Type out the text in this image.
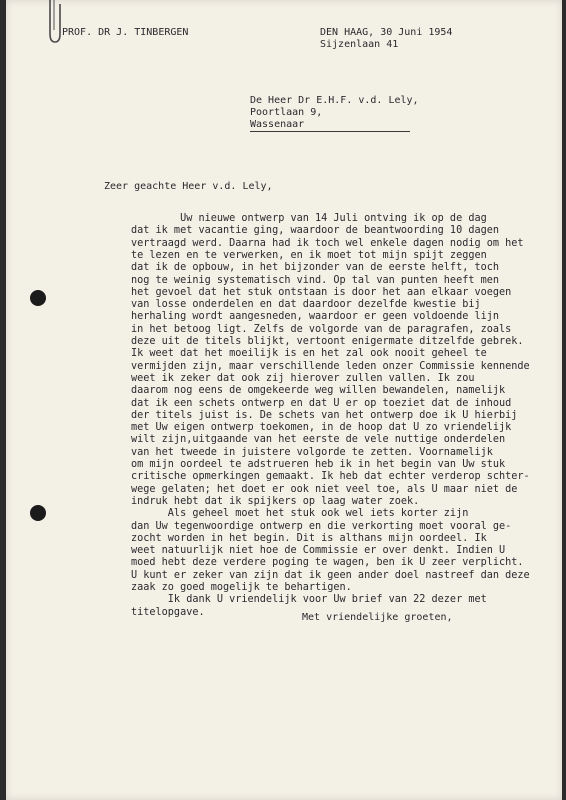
PROF. DR J. TINBERGEN	DEN HAAG, 30 Juni 1954
Sijzenlaan 41
De Heer Dr E.H.F. v.d. Lely,
Poortlaan 9,
Wassenaar
Zeer geachte Heer v.d. Lely,
Uw nieuwe ontwerp van 14 Juli ontving ik op de dag
dat ik met vacantie ging, waardoor de beantwoording 10 dagen
vertraagd werd. Daarna had ik toch wel enkele dagen nodig om het
te lezen en te verwerken, en ik moet tot mijn spijt zeggen
dat ik de opbouw, in het bijzonder van de eerste helft, toch
nog te weinig systematisch vind. Op tal van punten heeft men
het gevoel dat het stuk ontstaan is door het aan elkaar voegen
van losse onderdelen en dat daardoor dezelfde kwestie bij
herhaling wordt aangesneden, waardoor er geen voldoende lijn
in het betoog ligt. Zelfs de volgorde van de paragrafen, zoals
deze uit de titels blijkt, vertoont enigermate ditzelfde gebrek.
Ik weet dat het moeilijk is en het zal ook nooit geheel te
vermijden zijn, maar verschillende leden onzer Commissie kennende
weet ik zeker dat ook zij hierover zullen vallen. Ik zou
daarom nog eens de omgekeerde weg willen bewandelen, namelijk
dat ik een schets ontwerp en dat U er op toeziet dat de inhoud
der titels juist is. De schets van het ontwerp doe ik U hierbij
met Uw eigen ontwerp toekomen, in de hoop dat U zo vriendelijk
wilt zijn,uitgaande van het eerste de vele nuttige onderdelen
van het tweede in juistere volgorde te zetten. Voornamelijk
om mijn oordeel te adstrueren heb ik in het begin van Uw stuk
critische opmerkingen gemaakt. Ik heb dat echter verderop schter-
wege gelaten; het doet er ook niet veel toe, als U maar niet de
indruk hebt dat ik spijkers op laag water zoek.
Als geheel moet het stuk ook wel iets korter zijn
dan Uw tegenwoordige ontwerp en die verkorting moet vooral ge-
zocht worden in het begin. Dit is althans mijn oordeel. Ik
weet natuurlijk niet hoe de Commissie er over denkt. Indien U
moed hebt deze verdere poging te wagen, ben ik U zeer verplicht.
U kunt er zeker van zijn dat ik geen ander doel nastreef dan deze
zaak zo goed mogelijk te behartigen.
Ik dank U vriendelijk voor Uw brief van 22 dezer met
titelopgave.	Met vriendelijke groeten,
